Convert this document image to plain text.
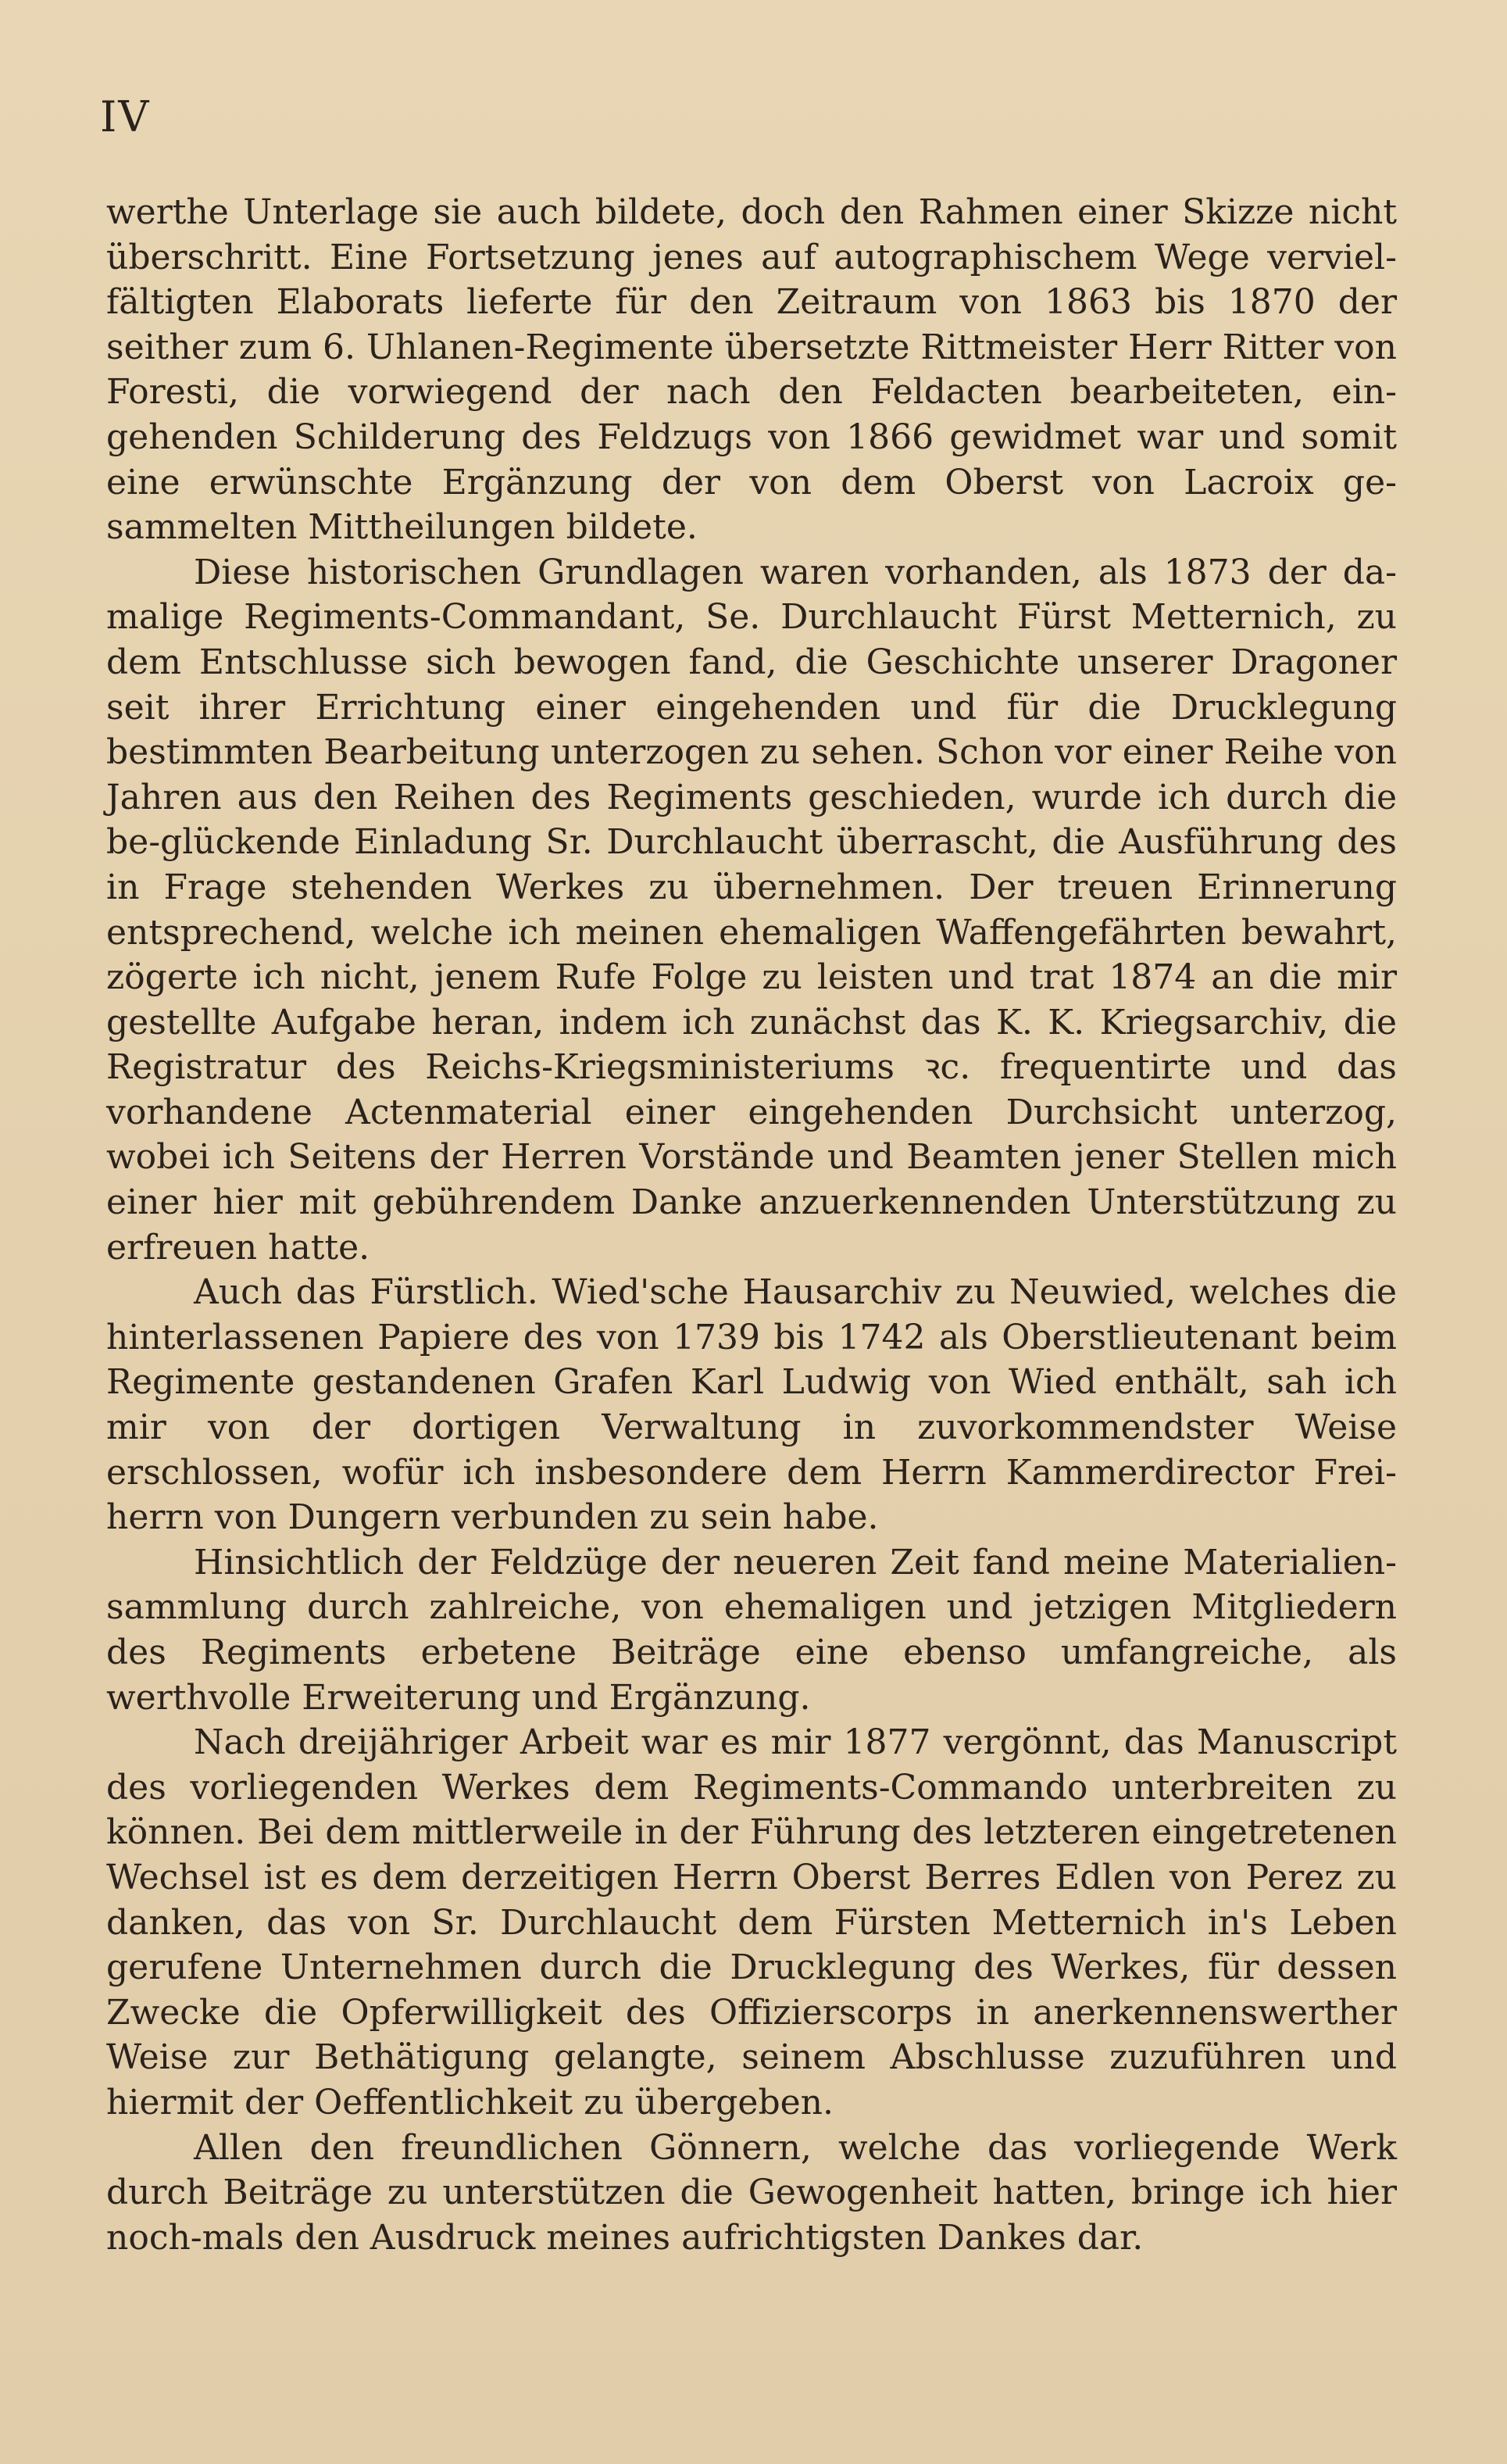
IV

werthe Unterlage sie auch bildete, doch den Rahmen einer Skizze nicht überschritt. Eine Fortsetzung jenes auf autographischem Wege verviel-fältigten Elaborats lieferte für den Zeitraum von 1863 bis 1870 der seither zum 6. Uhlanen-Regimente übersetzte Rittmeister Herr Ritter von Foresti, die vorwiegend der nach den Feldacten bearbeiteten, ein-gehenden Schilderung des Feldzugs von 1866 gewidmet war und somit eine erwünschte Ergänzung der von dem Oberst von Lacroix ge-sammelten Mittheilungen bildete.

Diese historischen Grundlagen waren vorhanden, als 1873 der da-malige Regiments-Commandant, Se. Durchlaucht Fürst Metternich, zu dem Entschlusse sich bewogen fand, die Geschichte unserer Dragoner seit ihrer Errichtung einer eingehenden und für die Drucklegung bestimmten Bearbeitung unterzogen zu sehen. Schon vor einer Reihe von Jahren aus den Reihen des Regiments geschieden, wurde ich durch die be-glückende Einladung Sr. Durchlaucht überrascht, die Ausführung des in Frage stehenden Werkes zu übernehmen. Der treuen Erinnerung entsprechend, welche ich meinen ehemaligen Waffengefährten bewahrt, zögerte ich nicht, jenem Rufe Folge zu leisten und trat 1874 an die mir gestellte Aufgabe heran, indem ich zunächst das K. K. Kriegsarchiv, die Registratur des Reichs-Kriegsministeriums ꝛc. frequentirte und das vorhandene Actenmaterial einer eingehenden Durchsicht unterzog, wobei ich Seitens der Herren Vorstände und Beamten jener Stellen mich einer hier mit gebührendem Danke anzuerkennenden Unterstützung zu erfreuen hatte.

Auch das Fürstlich. Wied'sche Hausarchiv zu Neuwied, welches die hinterlassenen Papiere des von 1739 bis 1742 als Oberstlieutenant beim Regimente gestandenen Grafen Karl Ludwig von Wied enthält, sah ich mir von der dortigen Verwaltung in zuvorkommendster Weise erschlossen, wofür ich insbesondere dem Herrn Kammerdirector Frei-herrn von Dungern verbunden zu sein habe.

Hinsichtlich der Feldzüge der neueren Zeit fand meine Materialien-sammlung durch zahlreiche, von ehemaligen und jetzigen Mitgliedern des Regiments erbetene Beiträge eine ebenso umfangreiche, als werthvolle Erweiterung und Ergänzung.

Nach dreijähriger Arbeit war es mir 1877 vergönnt, das Manuscript des vorliegenden Werkes dem Regiments-Commando unterbreiten zu können. Bei dem mittlerweile in der Führung des letzteren eingetretenen Wechsel ist es dem derzeitigen Herrn Oberst Berres Edlen von Perez zu danken, das von Sr. Durchlaucht dem Fürsten Metternich in's Leben gerufene Unternehmen durch die Drucklegung des Werkes, für dessen Zwecke die Opferwilligkeit des Offizierscorps in anerkennenswerther Weise zur Bethätigung gelangte, seinem Abschlusse zuzuführen und hiermit der Oeffentlichkeit zu übergeben.

Allen den freundlichen Gönnern, welche das vorliegende Werk durch Beiträge zu unterstützen die Gewogenheit hatten, bringe ich hier noch-mals den Ausdruck meines aufrichtigsten Dankes dar.
